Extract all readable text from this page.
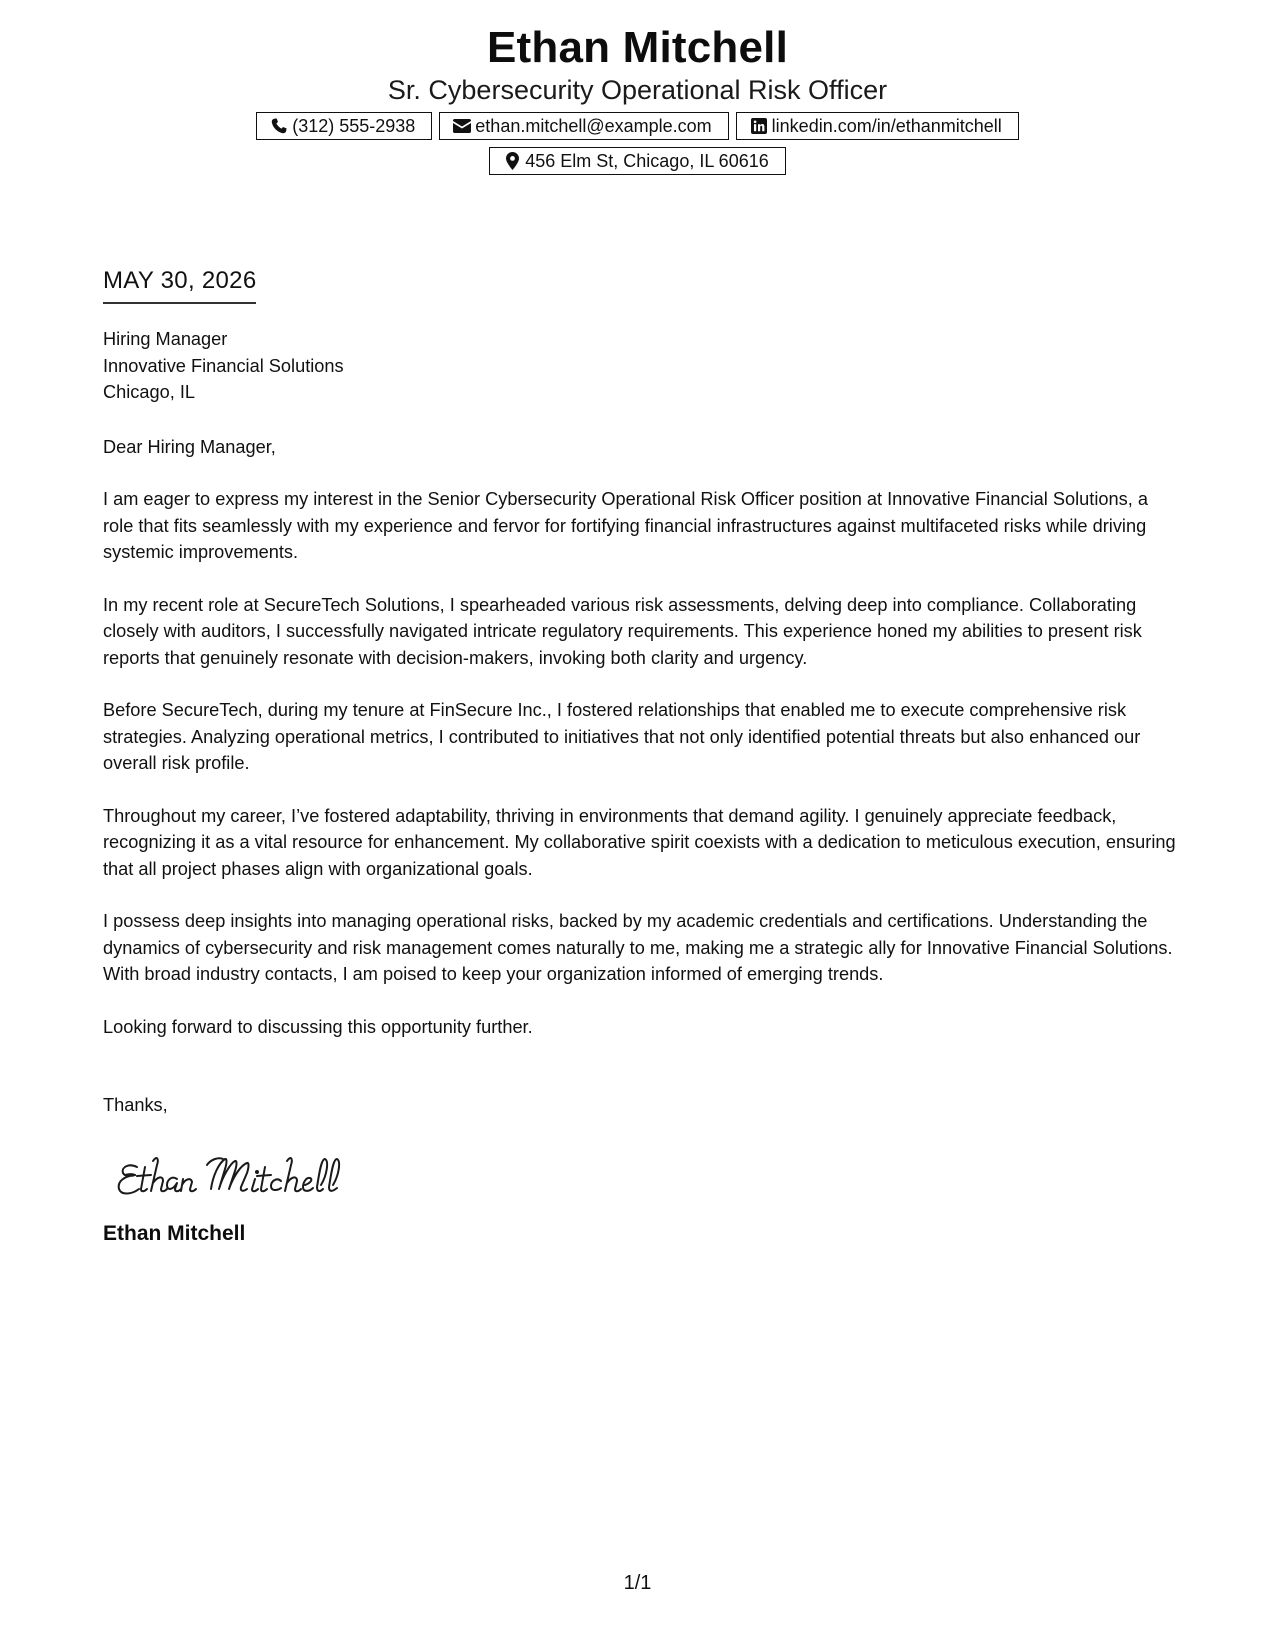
Ethan Mitchell
Sr. Cybersecurity Operational Risk Officer
(312) 555-2938	ethan.mitchell@example.com	linkedin.com/in/ethanmitchell
456 Elm St, Chicago, IL 60616
MAY 30, 2026
Hiring Manager
Innovative Financial Solutions
Chicago, IL
Dear Hiring Manager,
I am eager to express my interest in the Senior Cybersecurity Operational Risk Officer position at Innovative Financial Solutions, a role that fits seamlessly with my experience and fervor for fortifying financial infrastructures against multifaceted risks while driving systemic improvements.
In my recent role at SecureTech Solutions, I spearheaded various risk assessments, delving deep into compliance. Collaborating closely with auditors, I successfully navigated intricate regulatory requirements. This experience honed my abilities to present risk reports that genuinely resonate with decision-makers, invoking both clarity and urgency.
Before SecureTech, during my tenure at FinSecure Inc., I fostered relationships that enabled me to execute comprehensive risk strategies. Analyzing operational metrics, I contributed to initiatives that not only identified potential threats but also enhanced our overall risk profile.
Throughout my career, I’ve fostered adaptability, thriving in environments that demand agility. I genuinely appreciate feedback, recognizing it as a vital resource for enhancement. My collaborative spirit coexists with a dedication to meticulous execution, ensuring that all project phases align with organizational goals.
I possess deep insights into managing operational risks, backed by my academic credentials and certifications. Understanding the dynamics of cybersecurity and risk management comes naturally to me, making me a strategic ally for Innovative Financial Solutions. With broad industry contacts, I am poised to keep your organization informed of emerging trends.
Looking forward to discussing this opportunity further.
Thanks,
Ethan Mitchell
1/1
